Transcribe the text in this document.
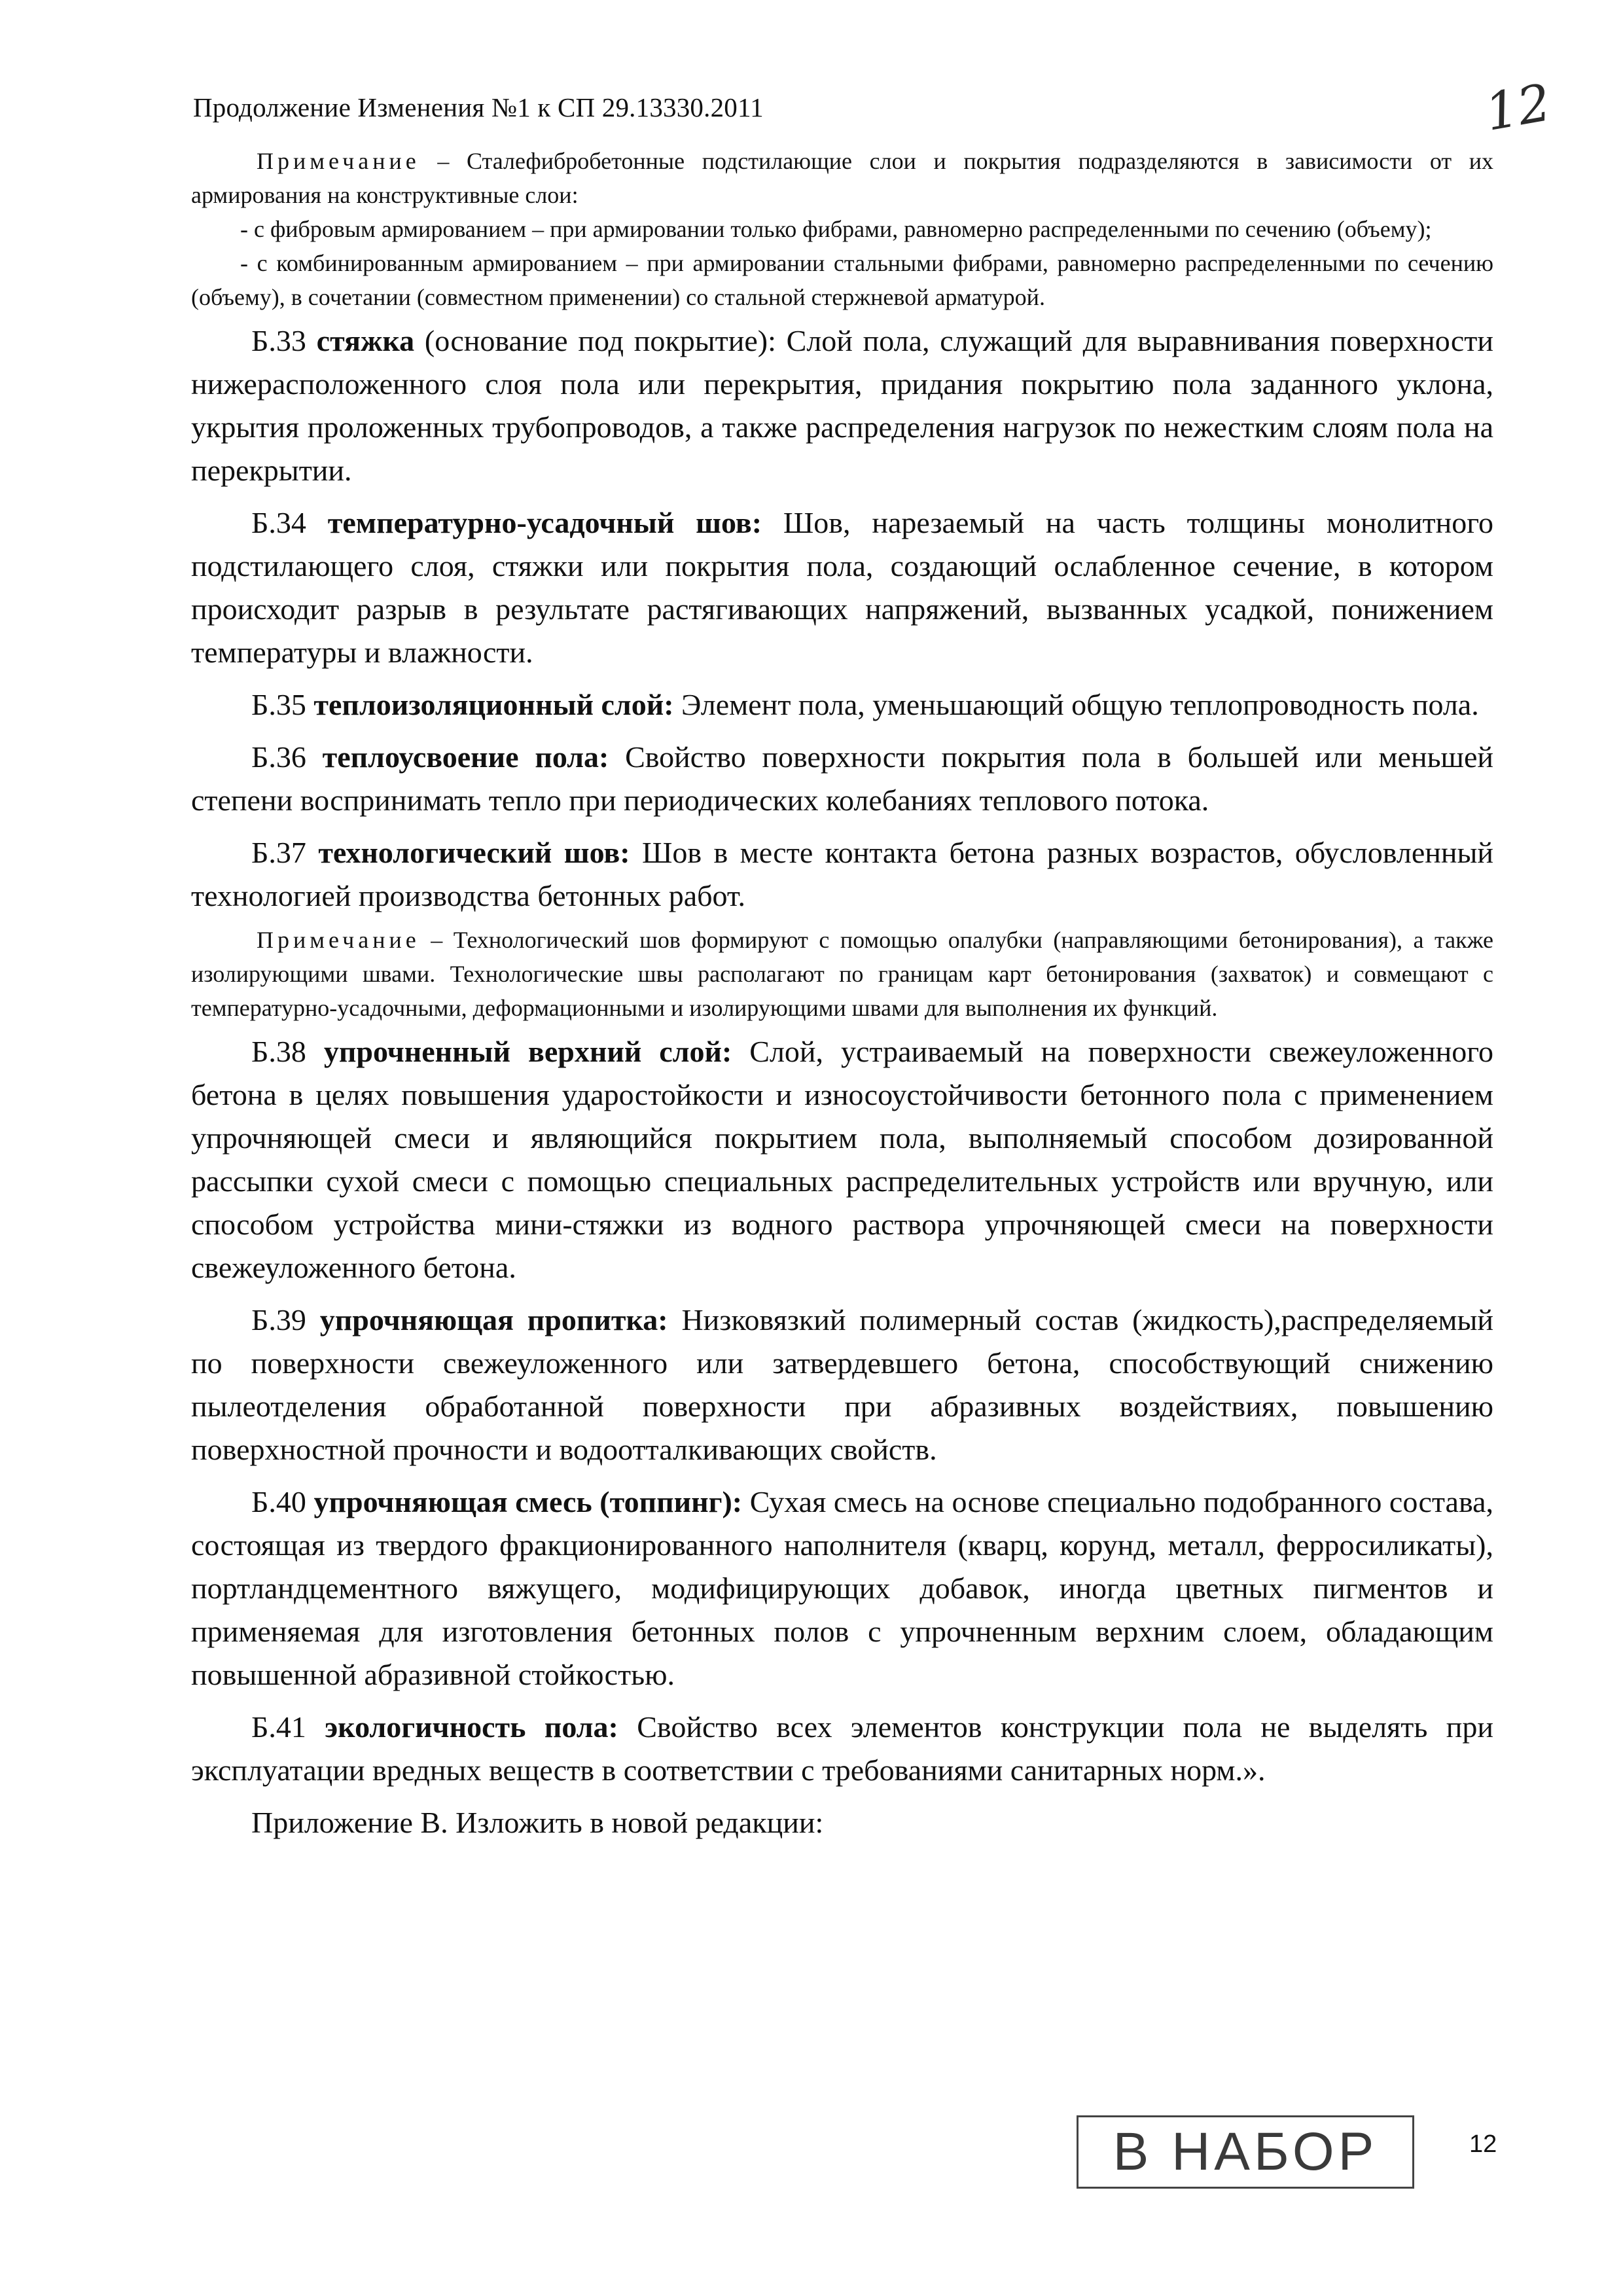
Продолжение Изменения №1 к СП 29.13330.2011	12

Примечание – Сталефибробетонные подстилающие слои и покрытия подразделяются в зависимости от их армирования на конструктивные слои:

- с фибровым армированием – при армировании только фибрами, равномерно распределенными по сечению (объему);

- с комбинированным армированием – при армировании стальными фибрами, равномерно распределенными по сечению (объему), в сочетании (совместном применении) со стальной стержневой арматурой.

Б.33 стяжка (основание под покрытие): Слой пола, служащий для выравнивания поверхности нижерасположенного слоя пола или перекрытия, придания покрытию пола заданного уклона, укрытия проложенных трубопроводов, а также распределения нагрузок по нежестким слоям пола на перекрытии.

Б.34 температурно-усадочный шов: Шов, нарезаемый на часть толщины монолитного подстилающего слоя, стяжки или покрытия пола, создающий ослабленное сечение, в котором происходит разрыв в результате растягивающих напряжений, вызванных усадкой, понижением температуры и влажности.

Б.35 теплоизоляционный слой: Элемент пола, уменьшающий общую теплопроводность пола.

Б.36 теплоусвоение пола: Свойство поверхности покрытия пола в большей или меньшей степени воспринимать тепло при периодических колебаниях теплового потока.

Б.37 технологический шов: Шов в месте контакта бетона разных возрастов, обусловленный технологией производства бетонных работ.

Примечание – Технологический шов формируют с помощью опалубки (направляющими бетонирования), а также изолирующими швами. Технологические швы располагают по границам карт бетонирования (захваток) и совмещают с температурно-усадочными, деформационными и изолирующими швами для выполнения их функций.

Б.38 упрочненный верхний слой: Слой, устраиваемый на поверхности свежеуложенного бетона в целях повышения ударостойкости и износоустойчивости бетонного пола с применением упрочняющей смеси и являющийся покрытием пола, выполняемый способом дозированной рассыпки сухой смеси с помощью специальных распределительных устройств или вручную, или способом устройства мини-стяжки из водного раствора упрочняющей смеси на поверхности свежеуложенного бетона.

Б.39 упрочняющая пропитка: Низковязкий полимерный состав (жидкость),распределяемый по поверхности свежеуложенного или затвердевшего бетона, способствующий снижению пылеотделения обработанной поверхности при абразивных воздействиях, повышению поверхностной прочности и водоотталкивающих свойств.

Б.40 упрочняющая смесь (топпинг): Сухая смесь на основе специально подобранного состава, состоящая из твердого фракционированного наполнителя (кварц, корунд, металл, ферросиликаты), портландцементного вяжущего, модифицирующих добавок, иногда цветных пигментов и применяемая для изготовления бетонных полов с упрочненным верхним слоем, обладающим повышенной абразивной стойкостью.

Б.41 экологичность пола: Свойство всех элементов конструкции пола не выделять при эксплуатации вредных веществ в соответствии с требованиями санитарных норм.».

Приложение В. Изложить в новой редакции:

В НАБОР	12
